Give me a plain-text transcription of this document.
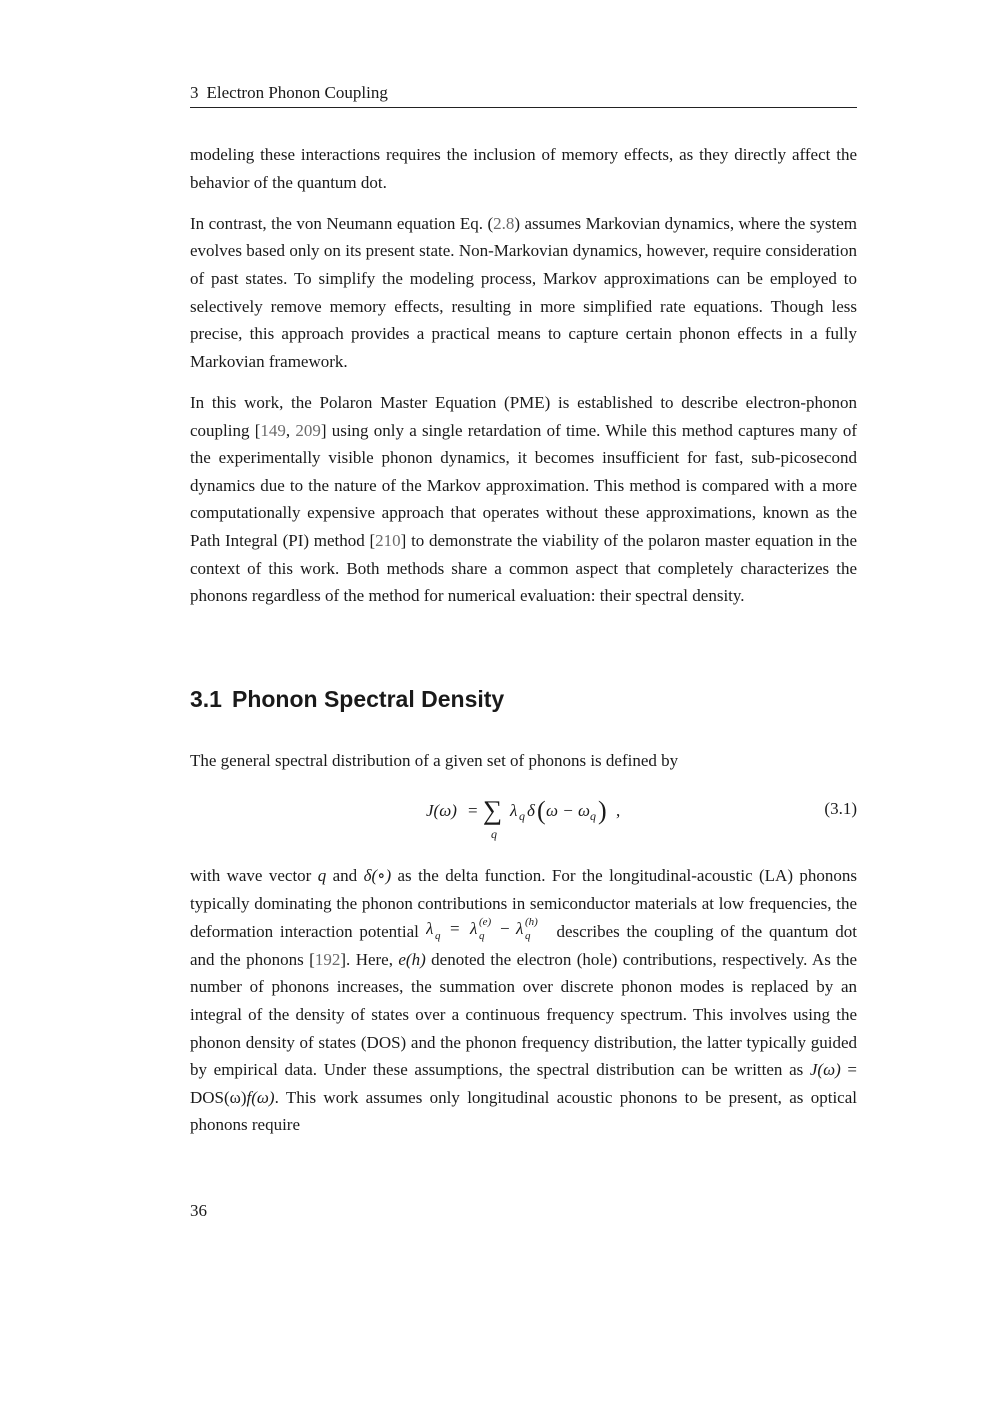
3 Electron Phonon Coupling

modeling these interactions requires the inclusion of memory effects, as they directly affect the behavior of the quantum dot.

In contrast, the von Neumann equation Eq. (2.8) assumes Markovian dynamics, where the system evolves based only on its present state. Non-Markovian dynamics, however, require consideration of past states. To simplify the modeling process, Markov approximations can be employed to selectively remove memory effects, resulting in more simplified rate equations. Though less precise, this approach provides a practical means to capture certain phonon effects in a fully Markovian framework.

In this work, the Polaron Master Equation (PME) is established to describe electron-phonon coupling [149, 209] using only a single retardation of time. While this method captures many of the experimentally visible phonon dynamics, it becomes insufficient for fast, sub-picosecond dynamics due to the nature of the Markov approximation. This method is compared with a more computationally expensive approach that operates without these approximations, known as the Path Integral (PI) method [210] to demonstrate the viability of the polaron master equation in the context of this work. Both methods share a common aspect that completely characterizes the phonons regardless of the method for numerical evaluation: their spectral density.

3.1 Phonon Spectral Density
The general spectral distribution of a given set of phonons is defined by
J(ω) = ∑
q
λ q δ ( ω − ω q ) ,	(3.1)

with wave vector q and δ(∘) as the delta function. For the longitudinal-acoustic (LA) phonons typically dominating the phonon contributions in semiconductor materials at low frequencies, the deformation interaction potential λ q = λ (e)
q − λ (h)
q describes the coupling of the quantum dot and the phonons [192]. Here, e(h) denoted the electron (hole) contributions, respectively. As the number of phonons increases, the summation over discrete phonon modes is replaced by an integral of the density of states over a continuous frequency spectrum. This involves using the phonon density of states (DOS) and the phonon frequency distribution, the latter typically guided by empirical data. Under these assumptions, the spectral distribution can be written as J(ω) = DOS(ω)f(ω). This work assumes only longitudinal acoustic phonons to be present, as optical phonons require

36
